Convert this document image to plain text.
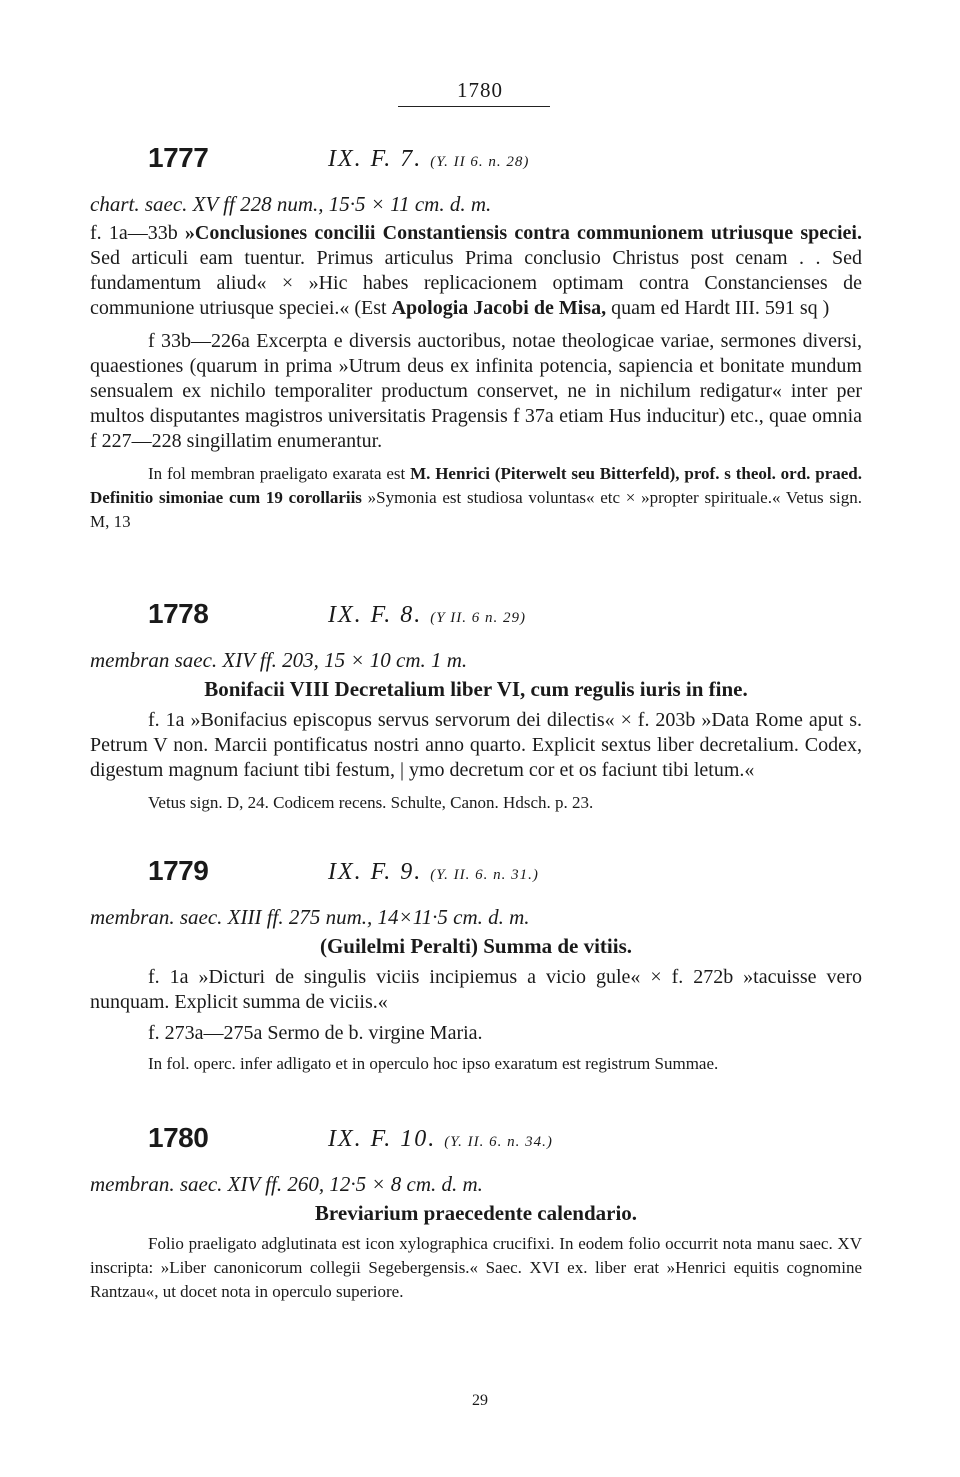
1780
1777	IX. F. 7. (Y. II 6. n. 28)
chart. saec. XV ff 228 num., 15·5 × 11 cm. d. m.

f. 1a—33b »Conclusiones concilii Constantiensis contra communionem utriusque speciei. Sed articuli eam tuentur. Primus articulus Prima conclusio Christus post cenam . . Sed fundamentum aliud« × »Hic habes replicacionem optimam contra Constancienses de communione utriusque speciei.« (Est Apologia Jacobi de Misa, quam ed Hardt III. 591 sq )

f 33b—226a Excerpta e diversis auctoribus, notae theologicae variae, sermones diversi, quaestiones (quarum in prima »Utrum deus ex infinita potencia, sapiencia et bonitate mundum sensualem ex nichilo temporaliter productum conservet, ne in nichilum redigatur« inter per multos disputantes magistros universitatis Pragensis f 37a etiam Hus inducitur) etc., quae omnia f 227—228 singillatim enumerantur.

In fol membran praeligato exarata est M. Henrici (Piterwelt seu Bitterfeld), prof. s theol. ord. praed. Definitio simoniae cum 19 corollariis »Symonia est studiosa voluntas« etc × »propter spirituale.« Vetus sign. M, 13

1778	IX. F. 8. (Y II. 6 n. 29)
membran saec. XIV ff. 203, 15 × 10 cm. 1 m.
Bonifacii VIII Decretalium liber VI, cum regulis iuris in fine.

f. 1a »Bonifacius episcopus servus servorum dei dilectis« × f. 203b »Data Rome aput s. Petrum V non. Marcii pontificatus nostri anno quarto. Explicit sextus liber decretalium. Codex, digestum magnum faciunt tibi festum, | ymo decretum cor et os faciunt tibi letum.«

Vetus sign. D, 24. Codicem recens. Schulte, Canon. Hdsch. p. 23.

1779	IX. F. 9. (Y. II. 6. n. 31.)
membran. saec. XIII ff. 275 num., 14×11·5 cm. d. m.
(Guilelmi Peralti) Summa de vitiis.

f. 1a »Dicturi de singulis viciis incipiemus a vicio gule« × f. 272b »tacuisse vero nunquam. Explicit summa de viciis.«

f. 273a—275a Sermo de b. virgine Maria.

In fol. operc. infer adligato et in operculo hoc ipso exaratum est registrum Summae.

1780	IX. F. 10. (Y. II. 6. n. 34.)
membran. saec. XIV ff. 260, 12·5 × 8 cm. d. m.
Breviarium praecedente calendario.

Folio praeligato adglutinata est icon xylographica crucifixi. In eodem folio occurrit nota manu saec. XV inscripta: »Liber canonicorum collegii Segebergensis.« Saec. XVI ex. liber erat »Henrici equitis cognomine Rantzau«, ut docet nota in operculo superiore.

29
